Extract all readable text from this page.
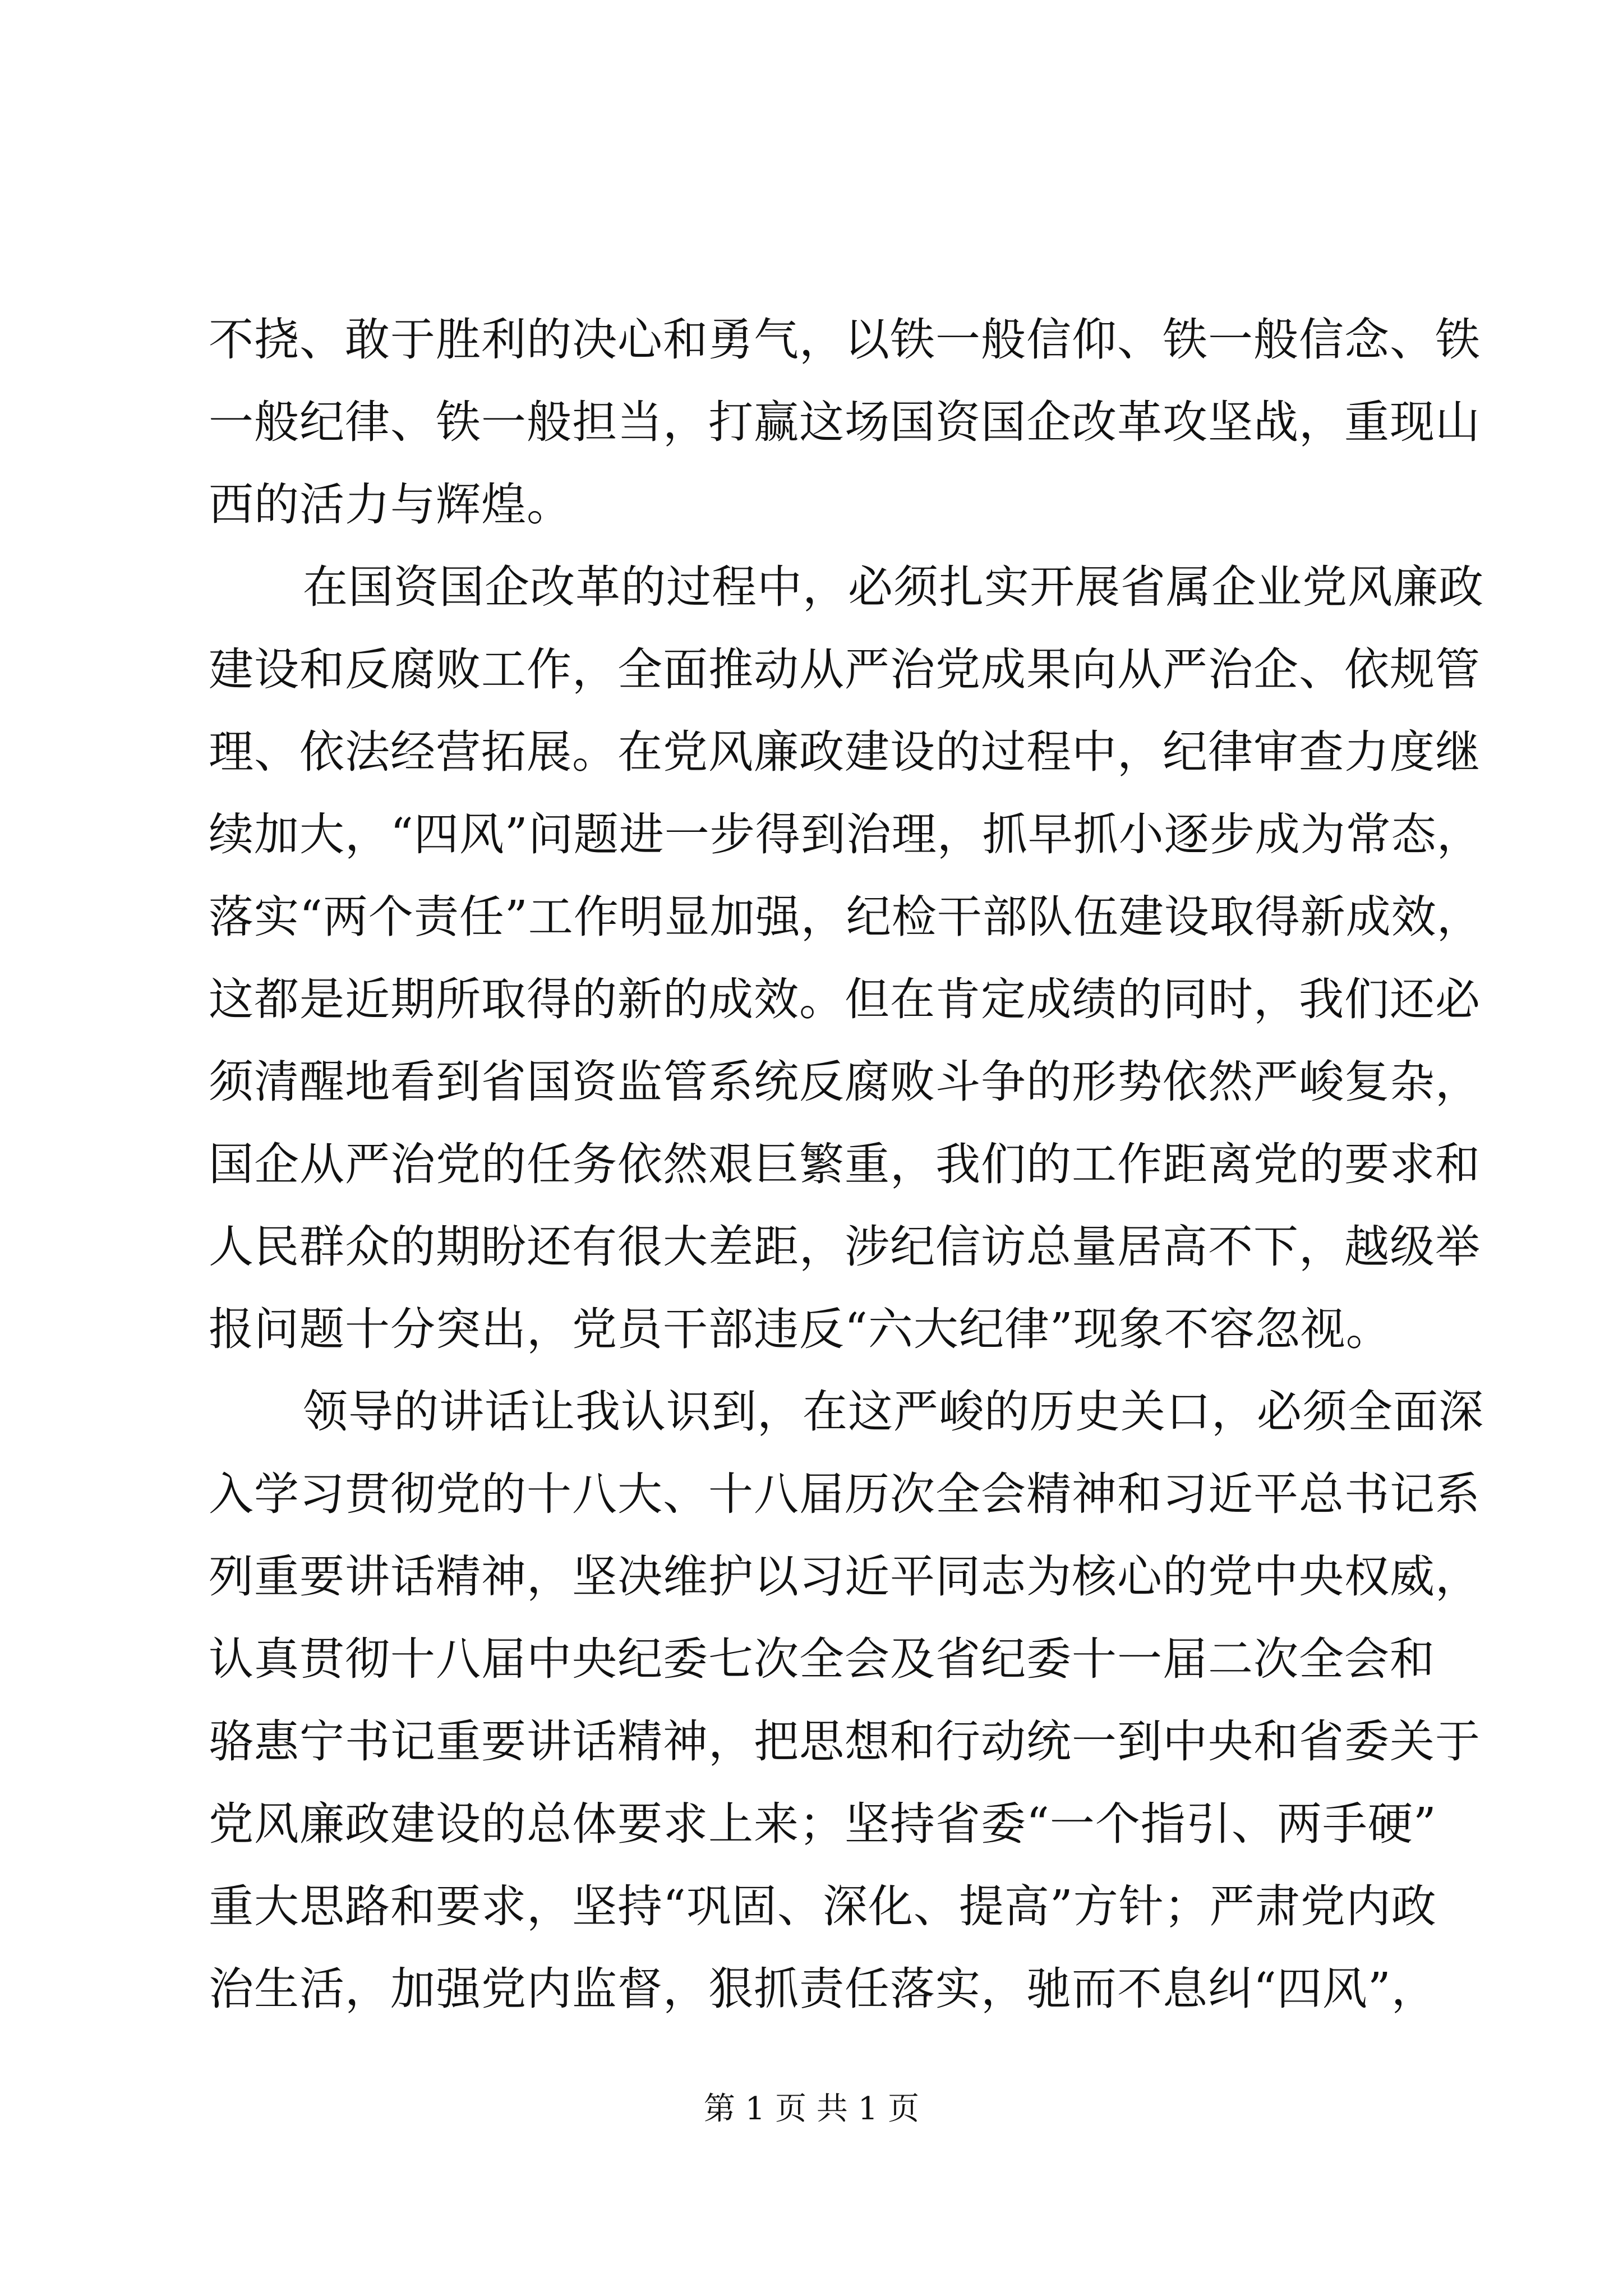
不挠、敢于胜利的决心和勇气，以铁一般信仰、铁一般信念、铁
一般纪律、铁一般担当，打赢这场国资国企改革攻坚战，重现山
西的活力与辉煌。
在国资国企改革的过程中，必须扎实开展省属企业党风廉政
建设和反腐败工作，全面推动从严治党成果向从严治企、依规管
理、依法经营拓展。在党风廉政建设的过程中，纪律审查力度继
续加大，“四风”问题进一步得到治理，抓早抓小逐步成为常态，
落实“两个责任”工作明显加强，纪检干部队伍建设取得新成效，
这都是近期所取得的新的成效。但在肯定成绩的同时，我们还必
须清醒地看到省国资监管系统反腐败斗争的形势依然严峻复杂，
国企从严治党的任务依然艰巨繁重，我们的工作距离党的要求和
人民群众的期盼还有很大差距，涉纪信访总量居高不下，越级举
报问题十分突出，党员干部违反“六大纪律”现象不容忽视。
领导的讲话让我认识到，在这严峻的历史关口，必须全面深
入学习贯彻党的十八大、十八届历次全会精神和习近平总书记系
列重要讲话精神，坚决维护以习近平同志为核心的党中央权威，
认真贯彻十八届中央纪委七次全会及省纪委十一届二次全会和
骆惠宁书记重要讲话精神，把思想和行动统一到中央和省委关于
党风廉政建设的总体要求上来；坚持省委“一个指引、两手硬”
重大思路和要求，坚持“巩固、深化、提高”方针；严肃党内政
治生活，加强党内监督，狠抓责任落实，驰而不息纠“四风”，
第 1 页 共 1 页
